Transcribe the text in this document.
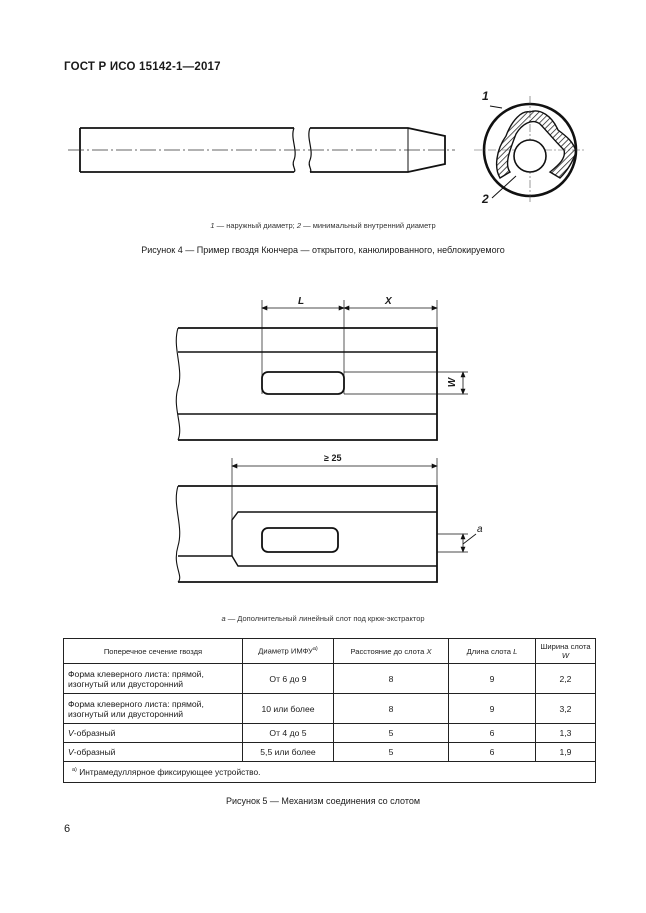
ГОСТ Р ИСО 15142-1—2017
1
2
1 — наружный диаметр; 2 — минимальный внутренний диаметр
Рисунок 4 — Пример гвоздя Кюнчера — открытого, канюлированного, неблокируемого
L	X
W
≥ 25
a
a — Дополнительный линейный слот под крюк-экстрактор
Поперечное сечение гвоздя	Диаметр ИМФУ$^{a)}$	Расстояние до слота X	Длина слота L	Ширина слота W
Форма клеверного листа: прямой, изогнутый или двусторонний	От 6 до 9	8	9	2,2
Форма клеверного листа: прямой, изогнутый или двусторонний	10 или более	8	9	3,2
V-образный	От 4 до 5	5	6	1,3
V-образный	5,5 или более	5	6	1,9
$^{a)}$ Интрамедуллярное фиксирующее устройство.				
Рисунок 5 — Механизм соединения со слотом
6
